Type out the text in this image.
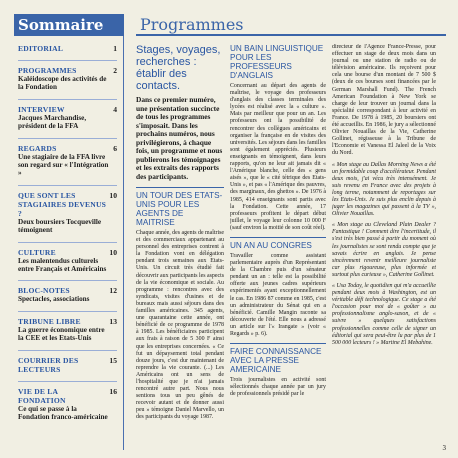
Sommaire
EDITORIAL	1
PROGRAMMES
Kaléidoscope des activités de la Fondation
2
INTERVIEW
Jacques Marchandise, président de la FFA
4
REGARDS
Une stagiaire de la FFA livre son regard sur « l'Intégration »
6
QUE SONT LES STAGIAIRES DEVENUS ?
Deux boursiers Tocqueville témoignent
10
CULTURE
Les malentendus culturels entre Français et Américains
10
BLOC-NOTES
Spectacles, associations
12
TRIBUNE LIBRE
La guerre économique entre la CEE et les Etats-Unis
13
COURRIER DES LECTEURS
15
VIE DE LA FONDATION
Ce qui se passe à la Fondation franco-américaine
16
Programmes
Stages, voyages, recherches : établir des contacts.

Dans ce premier numéro, une présentation succincte de tous les programmes s'imposait. Dans les prochains numéros, nous privilégierons, à chaque fois, un programme et nous publierons les témoignages et les extraits des rapports des participants.

UN TOUR DES ETATS-UNIS POUR LES AGENTS DE MAITRISE

Chaque année, des agents de maîtrise et des commerciaux appartenant au personnel des entreprises contrent à la Fondation vont en délégation pendant trois semaines aux Etats-Unis. Un circuit très étudié fait découvrir aux participants les aspects de la vie économique et sociale. Au programme : rencontres avec des syndicats, visites d'usines et de bureaux mais aussi séjours dans des familles américaines. 345 agents, une quarantaine cette année, ont bénéficié de ce programme de 1978 à 1985. Les bénéficiaires participent aux frais à raison de 5 300 F ainsi que les entreprises concernées. « Ce fut un dépaysement total pendant douze jours, c'est dur maintenant de reprendre la vie courante. (...) Les Américains ont un sens de l'hospitalité que je n'ai jamais rencontré autre part. Nous nous sentions tous un peu gênés de recevoir autant et de donner aussi peu » témoigne Daniel Marvello, un des participants du voyage 1987.

UN BAIN LINGUISTIQUE POUR LES PROFESSEURS D'ANGLAIS

Concernant au départ des agents de maîtrise, le voyage des professeurs d'anglais des classes terminales des lycées est réalisé avec la « culture ». Mais par meilleur que pour un an. Les professeurs ont la possibilité de rencontrer des collègues américains et organiser la française en de visites des universités. Les séjours dans les familles sont également appréciés. Plusieurs enseignants en témoignent, dans leurs rapports, qu'on ne leur ait jamais dit « l'Amérique blanche, celle des « gens aisés », que le « cité tétrique des Etats-Unis », et pas « l'Amérique des pauvres, des marginaux, des ghettos ». De 1976 à 1985, 414 enseignants sont partis avec la Fondation. Cette année, 17 professeurs profitent le départ début juillet, le voyage leur colonne 10 000 F (sauf environ la moitié de son coût réel).

UN AN AU CONGRES

Travailler comme assistant parlementaire auprès d'un Représentant de la Chambre puis d'un sénateur pendant un an : telle est la possibilité offerte aux jeunes cadres supérieurs expérimentés ayant exceptionnellement le cas. En 1986 87 comme en 1985, c'est un administrateur du Sénat qui en a bénéficié. Camille Mangin raconte sa découverte de l'été. Elle nous a adressé un article sur l'« Irangate » (voir « Regards » p. 6).

FAIRE CONNAISSANCE AVEC LA PRESSE AMERICAINE

Trois journalistes en activité sont sélectionnés chaque année par un jury de professionnels présidé par le

directeur de l'Agence France-Presse, pour effectuer un stage de deux mois dans un journal ou une station de radio ou de télévision américaine. Ils reçoivent pour cela une bourse d'un montant de 7 500 $ (deux de ces bourses sont financées par le German Marshall Fund). The French American Foundation à New York se charge de leur trouver un journal dans la spécialité correspondant à leur activité en France. De 1978 à 1985, 20 boursiers ont été accueillis. En 1986, le jury a sélectionné Olivier Nouaillas de la Vie, Catherine Gollinet, régisseuse à la Tribune de l'Economie et Vanessa El Jaleel de la Voix du Nord.

« Mon stage au Dallas Morning News a été un formidable coup d'accélérateur. Pendant deux mois, j'ai vécu très intensément. Je suis revenu en France avec des projets à long terme, notamment de reportages sur les Etats-Unis. Je suis plus enclin depuis à juger les magazines qui passent à la TV », Olivier Nouaillas.

« Mon stage au Cleveland Plain Dealer ? Fantastique ! Comment dire l'incertitude, il s'est très bien passé à partir du moment où les journalistes se sont rendu compte que je savais écrire en anglais. Je pense sincèrement revenir meilleure journaliste car plus rigoureuse, plus informée et surtout plus curieuse », Catherine Gollinet.

« Usa Today, le quotidien qui m'a accueillie pendant deux mois à Washington, est un véritable défi technologique. Ce stage a été l'occasion pour moi de « goûter » au professionnalisme anglo-saxon, et de « suivre » quelques satisfactions professionnelles comme celle de signer un éditorial qui sera peut-être lu par plus de 1 500 000 lecteurs ! » Martine El Mebahine.

3
